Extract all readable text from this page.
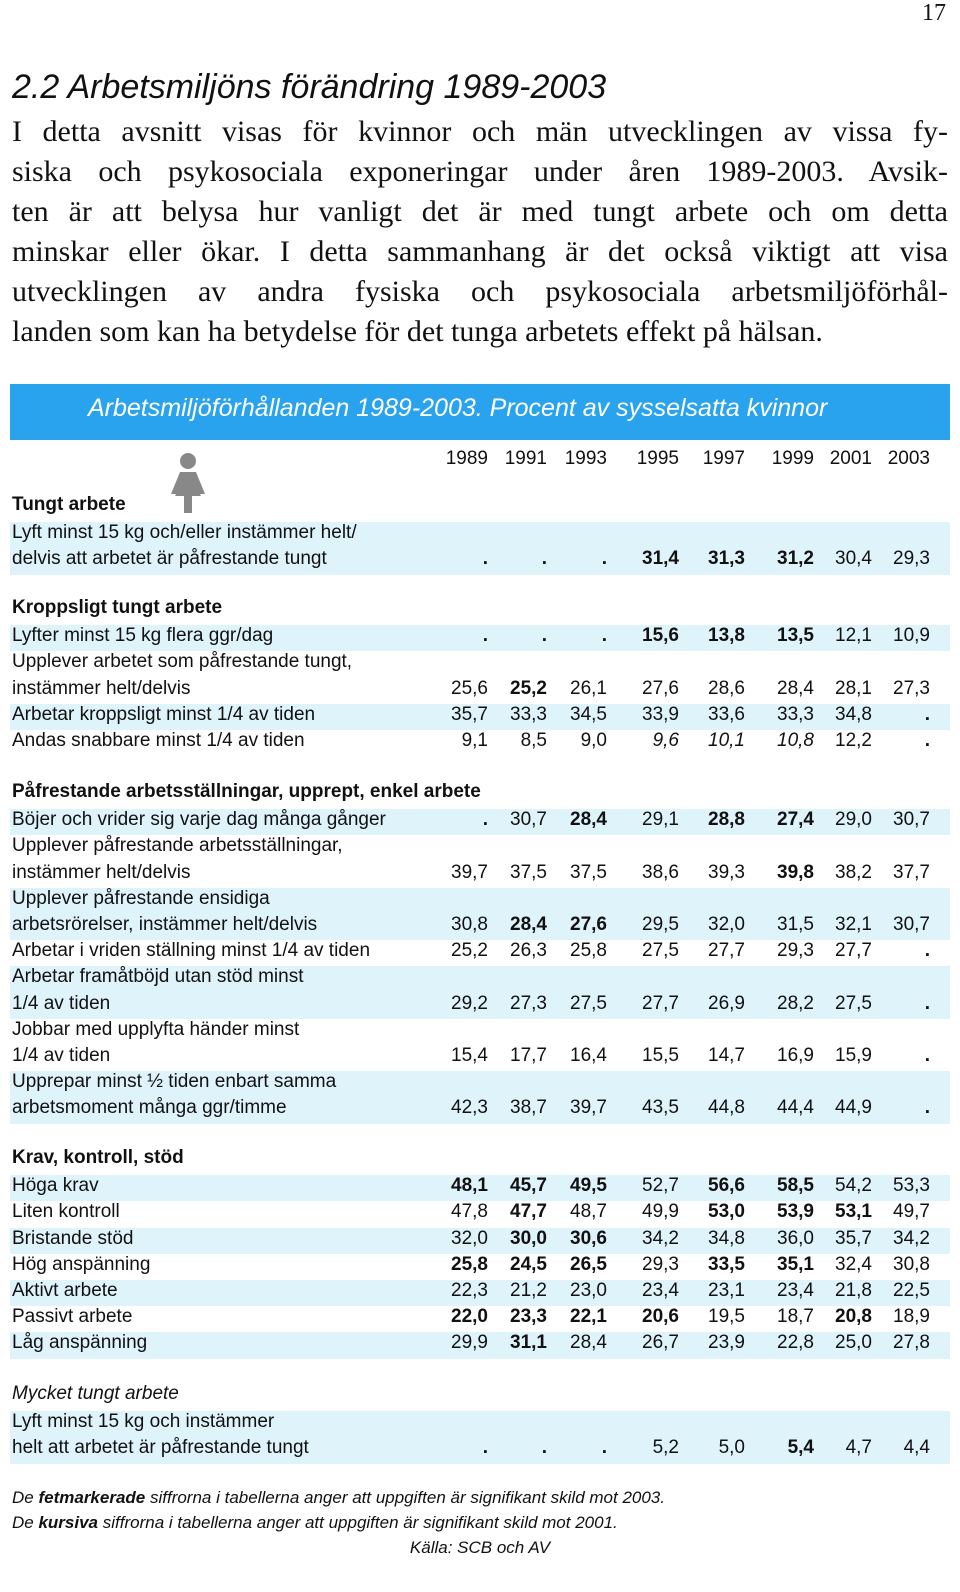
17
2.2 Arbetsmiljöns förändring 1989-2003
I detta avsnitt visas för kvinnor och män utvecklingen av vissa fy-
siska och psykosociala exponeringar under åren 1989-2003. Avsik-
ten är att belysa hur vanligt det är med tungt arbete och om detta
minskar eller ökar. I detta sammanhang är det också viktigt att visa
utvecklingen av andra fysiska och psykosociala arbetsmiljöförhål-
landen som kan ha betydelse för det tunga arbetets effekt på hälsan.
Arbetsmiljöförhållanden 1989-2003. Procent av sysselsatta kvinnor
1989 1991 1993	1995	1997	1999 2001 2003
Tungt arbete
Lyft minst 15 kg och/eller instämmer helt/
delvis att arbetet är påfrestande tungt	.	.	.	31,4	31,3	31,2	30,4	29,3
Kroppsligt tungt arbete
Lyfter minst 15 kg flera ggr/dag	.	.	.	15,6	13,8	13,5	12,1	10,9
Upplever arbetet som påfrestande tungt,
instämmer helt/delvis	25,6	25,2	26,1	27,6	28,6	28,4	28,1	27,3
Arbetar kroppsligt minst 1/4 av tiden	35,7	33,3	34,5	33,9	33,6	33,3	34,8	.
Andas snabbare minst 1/4 av tiden	9,1	8,5	9,0	9,6	10,1	10,8	12,2	.
Påfrestande arbetsställningar, upprept, enkel arbete
Böjer och vrider sig varje dag många gånger	.	30,7	28,4	29,1	28,8	27,4	29,0	30,7
Upplever påfrestande arbetsställningar,
instämmer helt/delvis	39,7	37,5	37,5	38,6	39,3	39,8	38,2	37,7
Upplever påfrestande ensidiga
arbetsrörelser, instämmer helt/delvis	30,8	28,4	27,6	29,5	32,0	31,5	32,1	30,7
Arbetar i vriden ställning minst 1/4 av tiden	25,2	26,3	25,8	27,5	27,7	29,3	27,7	.
Arbetar framåtböjd utan stöd minst
1/4 av tiden	29,2	27,3	27,5	27,7	26,9	28,2	27,5	.
Jobbar med upplyfta händer minst
1/4 av tiden	15,4	17,7	16,4	15,5	14,7	16,9	15,9	.
Upprepar minst ½ tiden enbart samma
arbetsmoment många ggr/timme	42,3	38,7	39,7	43,5	44,8	44,4	44,9	.
Krav, kontroll, stöd
Höga krav	48,1	45,7	49,5	52,7	56,6	58,5	54,2	53,3
Liten kontroll	47,8	47,7	48,7	49,9	53,0	53,9	53,1	49,7
Bristande stöd	32,0	30,0	30,6	34,2	34,8	36,0	35,7	34,2
Hög anspänning	25,8	24,5	26,5	29,3	33,5	35,1	32,4	30,8
Aktivt arbete	22,3	21,2	23,0	23,4	23,1	23,4	21,8	22,5
Passivt arbete	22,0	23,3	22,1	20,6	19,5	18,7	20,8	18,9
Låg anspänning	29,9	31,1	28,4	26,7	23,9	22,8	25,0	27,8
Mycket tungt arbete
Lyft minst 15 kg och instämmer
helt att arbetet är påfrestande tungt	.	.	.	5,2	5,0	5,4	4,7	4,4
De fetmarkerade siffrorna i tabellerna anger att uppgiften är signifikant skild mot 2003.
De kursiva siffrorna i tabellerna anger att uppgiften är signifikant skild mot 2001.
Källa: SCB och AV
